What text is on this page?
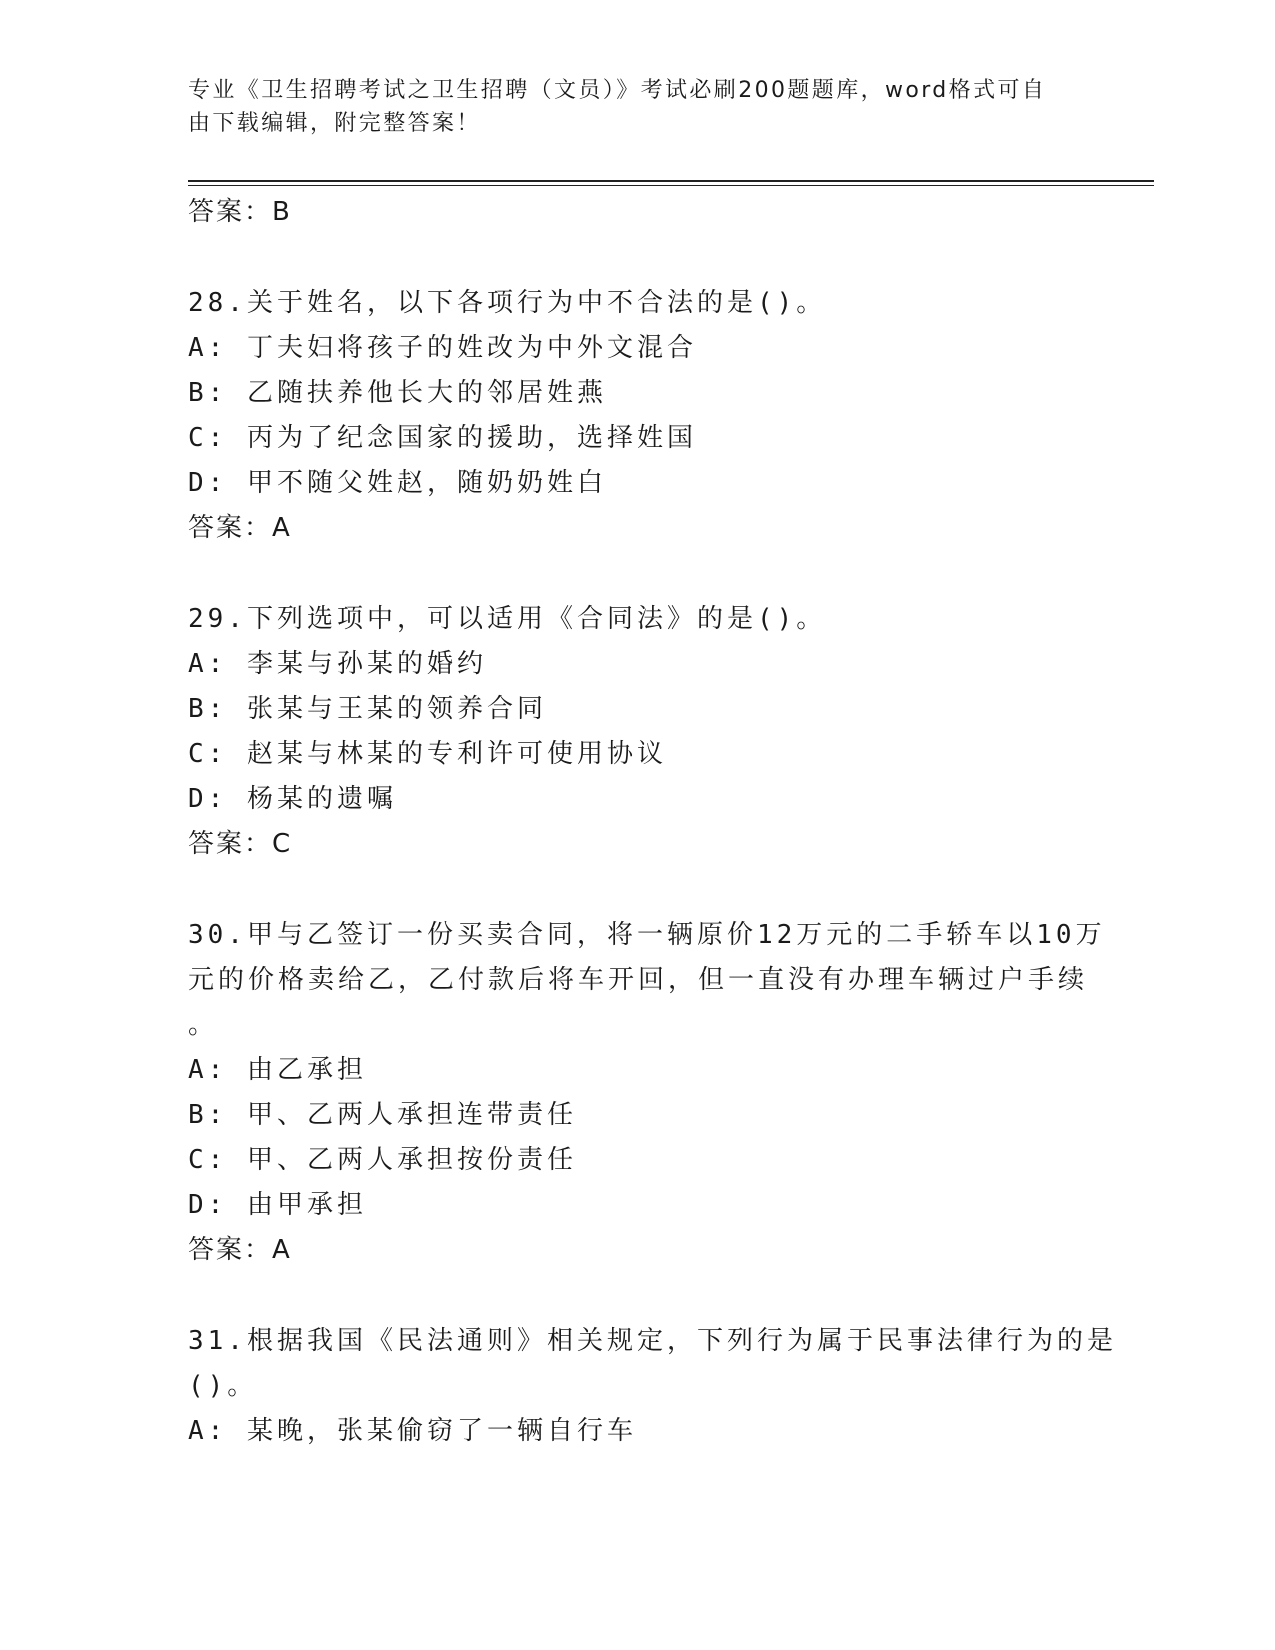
专业《卫生招聘考试之卫生招聘（文员）》考试必刷200题题库，word格式可自
由下载编辑，附完整答案！
答案：B
28.关于姓名，以下各项行为中不合法的是()。
A: 丁夫妇将孩子的姓改为中外文混合
B: 乙随扶养他长大的邻居姓燕
C: 丙为了纪念国家的援助，选择姓国
D: 甲不随父姓赵，随奶奶姓白
答案：A
29.下列选项中，可以适用《合同法》的是()。
A: 李某与孙某的婚约
B: 张某与王某的领养合同
C: 赵某与林某的专利许可使用协议
D: 杨某的遗嘱
答案：C
30.甲与乙签订一份买卖合同，将一辆原价12万元的二手轿车以10万
元的价格卖给乙，乙付款后将车开回，但一直没有办理车辆过户手续
。
A: 由乙承担
B: 甲、乙两人承担连带责任
C: 甲、乙两人承担按份责任
D: 由甲承担
答案：A
31.根据我国《民法通则》相关规定，下列行为属于民事法律行为的是
()。
A: 某晚，张某偷窃了一辆自行车
